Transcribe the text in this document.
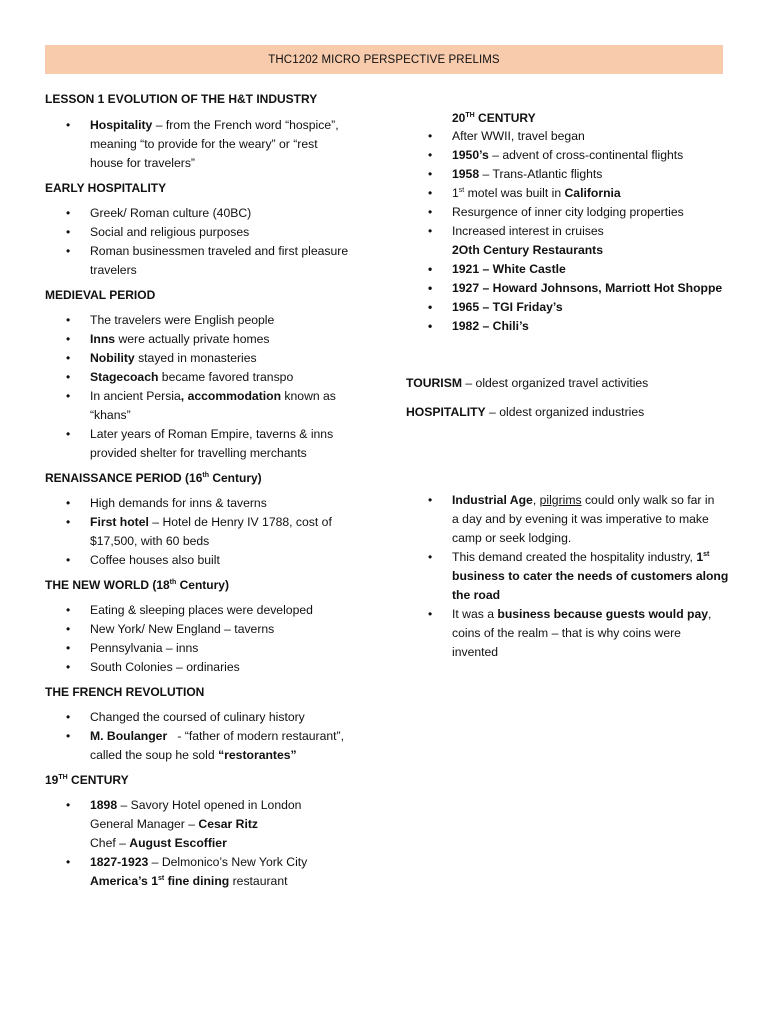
THC1202 MICRO PERSPECTIVE PRELIMS
LESSON 1 EVOLUTION OF THE H&T INDUSTRY
• Hospitality – from the French word “hospice”,
meaning “to provide for the weary” or “rest
house for travelers”
EARLY HOSPITALITY
• Greek/ Roman culture (40BC)
• Social and religious purposes
• Roman businessmen traveled and first pleasure
travelers
MEDIEVAL PERIOD
• The travelers were English people
• Inns were actually private homes
• Nobility stayed in monasteries
• Stagecoach became favored transpo
• In ancient Persia, accommodation known as
“khans”
• Later years of Roman Empire, taverns & inns
provided shelter for travelling merchants
RENAISSANCE PERIOD (16th Century)
• High demands for inns & taverns
• First hotel – Hotel de Henry IV 1788, cost of
$17,500, with 60 beds
• Coffee houses also built
THE NEW WORLD (18th Century)
• Eating & sleeping places were developed
• New York/ New England – taverns
• Pennsylvania – inns
• South Colonies – ordinaries
THE FRENCH REVOLUTION
• Changed the coursed of culinary history
• M. Boulanger   - “father of modern restaurant”,
called the soup he sold “restorantes”
19TH CENTURY
• 1898 – Savory Hotel opened in London
General Manager – Cesar Ritz
Chef – August Escoffier
• 1827-1923 – Delmonico’s New York City
America’s 1st fine dining restaurant
20TH CENTURY
• After WWII, travel began
• 1950’s – advent of cross-continental flights
• 1958 – Trans-Atlantic flights
• 1st motel was built in California
• Resurgence of inner city lodging properties
• Increased interest in cruises
2Oth Century Restaurants
• 1921 – White Castle
• 1927 – Howard Johnsons, Marriott Hot Shoppe
• 1965 – TGI Friday’s
• 1982 – Chili’s
TOURISM – oldest organized travel activities
HOSPITALITY – oldest organized industries
• Industrial Age, pilgrims could only walk so far in
a day and by evening it was imperative to make
camp or seek lodging.
• This demand created the hospitality industry, 1st
business to cater the needs of customers along
the road
• It was a business because guests would pay,
coins of the realm – that is why coins were
invented
